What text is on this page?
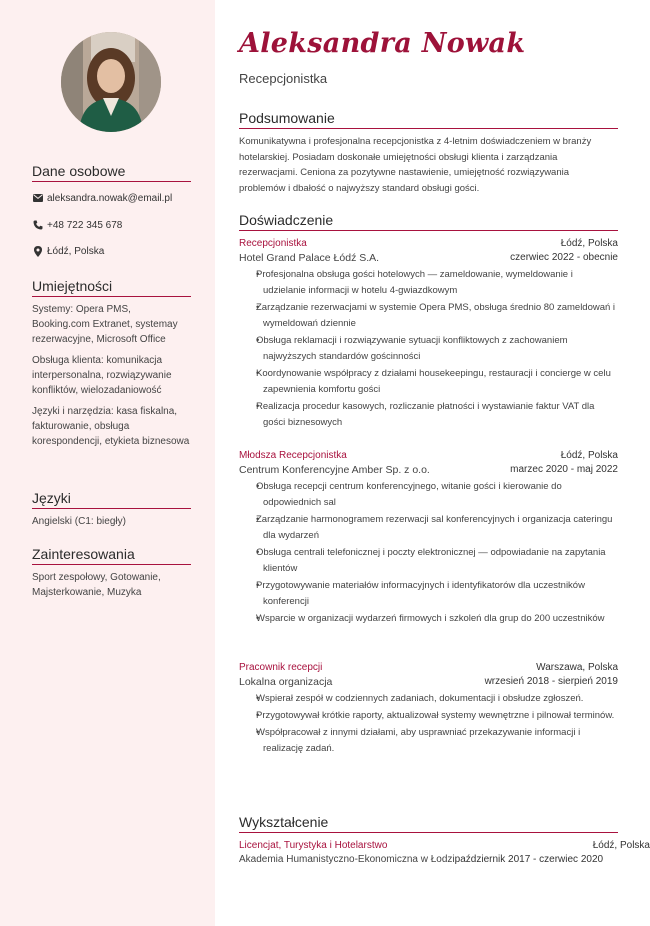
Dane osobowe
aleksandra.nowak@email.pl
+48 722 345 678
Łódź, Polska
Umiejętności
Systemy: Opera PMS, Booking.com Extranet, systemay rezerwacyjne, Microsoft Office
Obsługa klienta: komunikacja interpersonalna, rozwiązywanie konfliktów, wielozadaniowość
Języki i narzędzia: kasa fiskalna, fakturowanie, obsługa korespondencji, etykieta biznesowa
Języki
Angielski (C1: biegły)
Zainteresowania
Sport zespołowy, Gotowanie, Majsterkowanie, Muzyka
Aleksandra Nowak
Recepcjonistka
Podsumowanie
Komunikatywna i profesjonalna recepcjonistka z 4-letnim doświadczeniem w branży hotelarskiej. Posiadam doskonałe umiejętności obsługi klienta i zarządzania rezerwacjami. Ceniona za pozytywne nastawienie, umiejętność rozwiązywania problemów i dbałość o najwyższy standard obsługi gości.
Doświadczenie
Recepcjonistka	Łódź, Polska
Hotel Grand Palace Łódź S.A.	czerwiec 2022 - obecnie
• Profesjonalna obsługa gości hotelowych — zameldowanie, wymeldowanie i udzielanie informacji w hotelu 4-gwiazdkowym
• Zarządzanie rezerwacjami w systemie Opera PMS, obsługa średnio 80 zameldowań i wymeldowań dziennie
• Obsługa reklamacji i rozwiązywanie sytuacji konfliktowych z zachowaniem najwyższych standardów gościnności
• Koordynowanie współpracy z działami housekeepingu, restauracji i concierge w celu zapewnienia komfortu gości
• Realizacja procedur kasowych, rozliczanie płatności i wystawianie faktur VAT dla gości biznesowych
Młodsza Recepcjonistka	Łódź, Polska
Centrum Konferencyjne Amber Sp. z o.o.	marzec 2020 - maj 2022
• Obsługa recepcji centrum konferencyjnego, witanie gości i kierowanie do odpowiednich sal
• Zarządzanie harmonogramem rezerwacji sal konferencyjnych i organizacja cateringu dla wydarzeń
• Obsługa centrali telefonicznej i poczty elektronicznej — odpowiadanie na zapytania klientów
• Przygotowywanie materiałów informacyjnych i identyfikatorów dla uczestników konferencji
• Wsparcie w organizacji wydarzeń firmowych i szkoleń dla grup do 200 uczestników
Pracownik recepcji	Warszawa, Polska
Lokalna organizacja	wrzesień 2018 - sierpień 2019
• Wspierał zespół w codziennych zadaniach, dokumentacji i obsłudze zgłoszeń.
• Przygotowywał krótkie raporty, aktualizował systemy wewnętrzne i pilnował terminów.
• Współpracował z innymi działami, aby usprawniać przekazywanie informacji i realizację zadań.
Wykształcenie
Licencjat, Turystyka i Hotelarstwo	Łódź, Polska
Akademia Humanistyczno-Ekonomiczna w Łodzi październik 2017 - czerwiec 2020
